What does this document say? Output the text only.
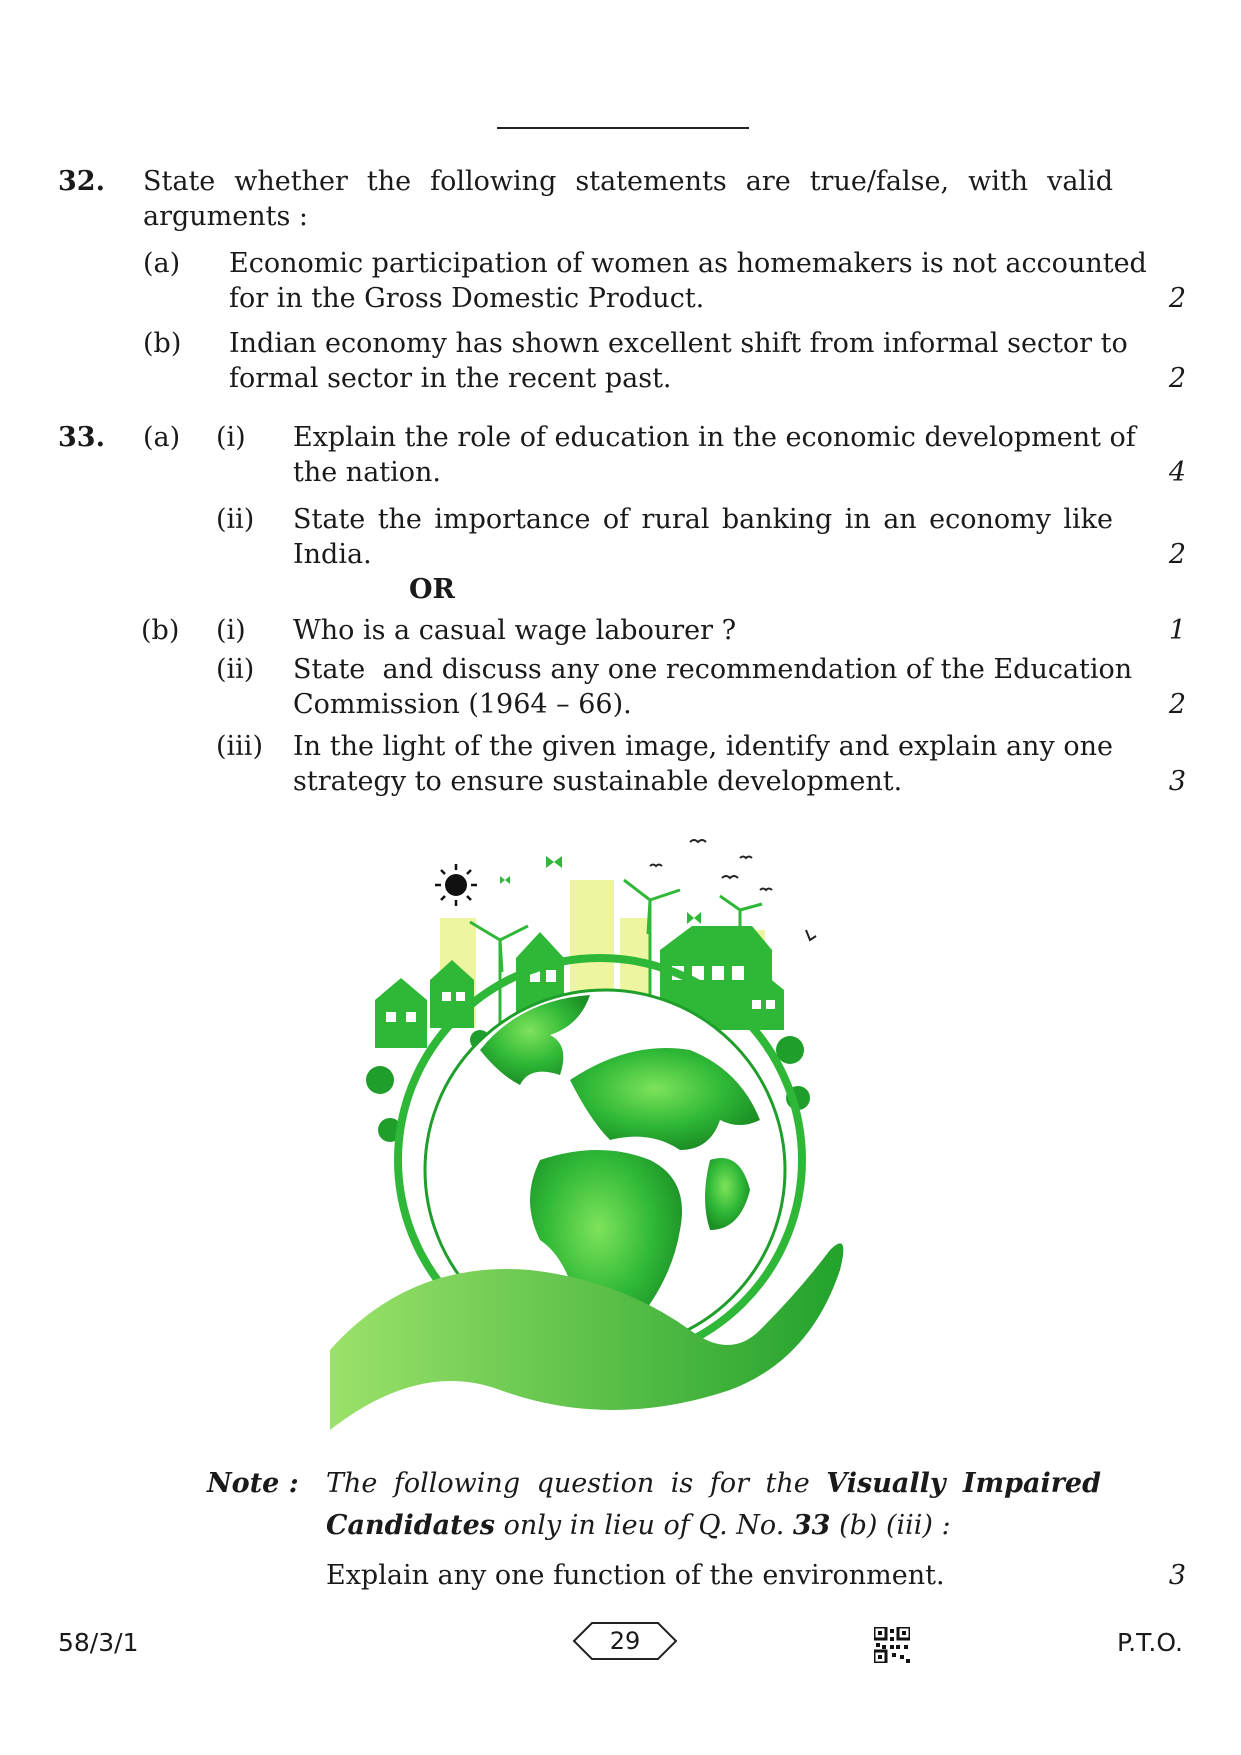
32. State whether the following statements are true/false, with valid
arguments :
(a) Economic participation of women as homemakers is not accounted
for in the Gross Domestic Product.	2
(b) Indian economy has shown excellent shift from informal sector to
formal sector in the recent past.	2
33. (a) (i) Explain the role of education in the economic development of
the nation.	4
(ii) State the importance of rural banking in an economy like
India.	2
OR
(b) (i) Who is a casual wage labourer ?	1
(ii) State  and discuss any one recommendation of the Education
Commission (1964 – 66).	2
(iii) In the light of the given image, identify and explain any one
strategy to ensure sustainable development.	3
Note :	The following question is for the Visually Impaired
Candidates only in lieu of Q. No. 33 (b) (iii) :
Explain any one function of the environment.	3
58/3/1	29	P.T.O.
